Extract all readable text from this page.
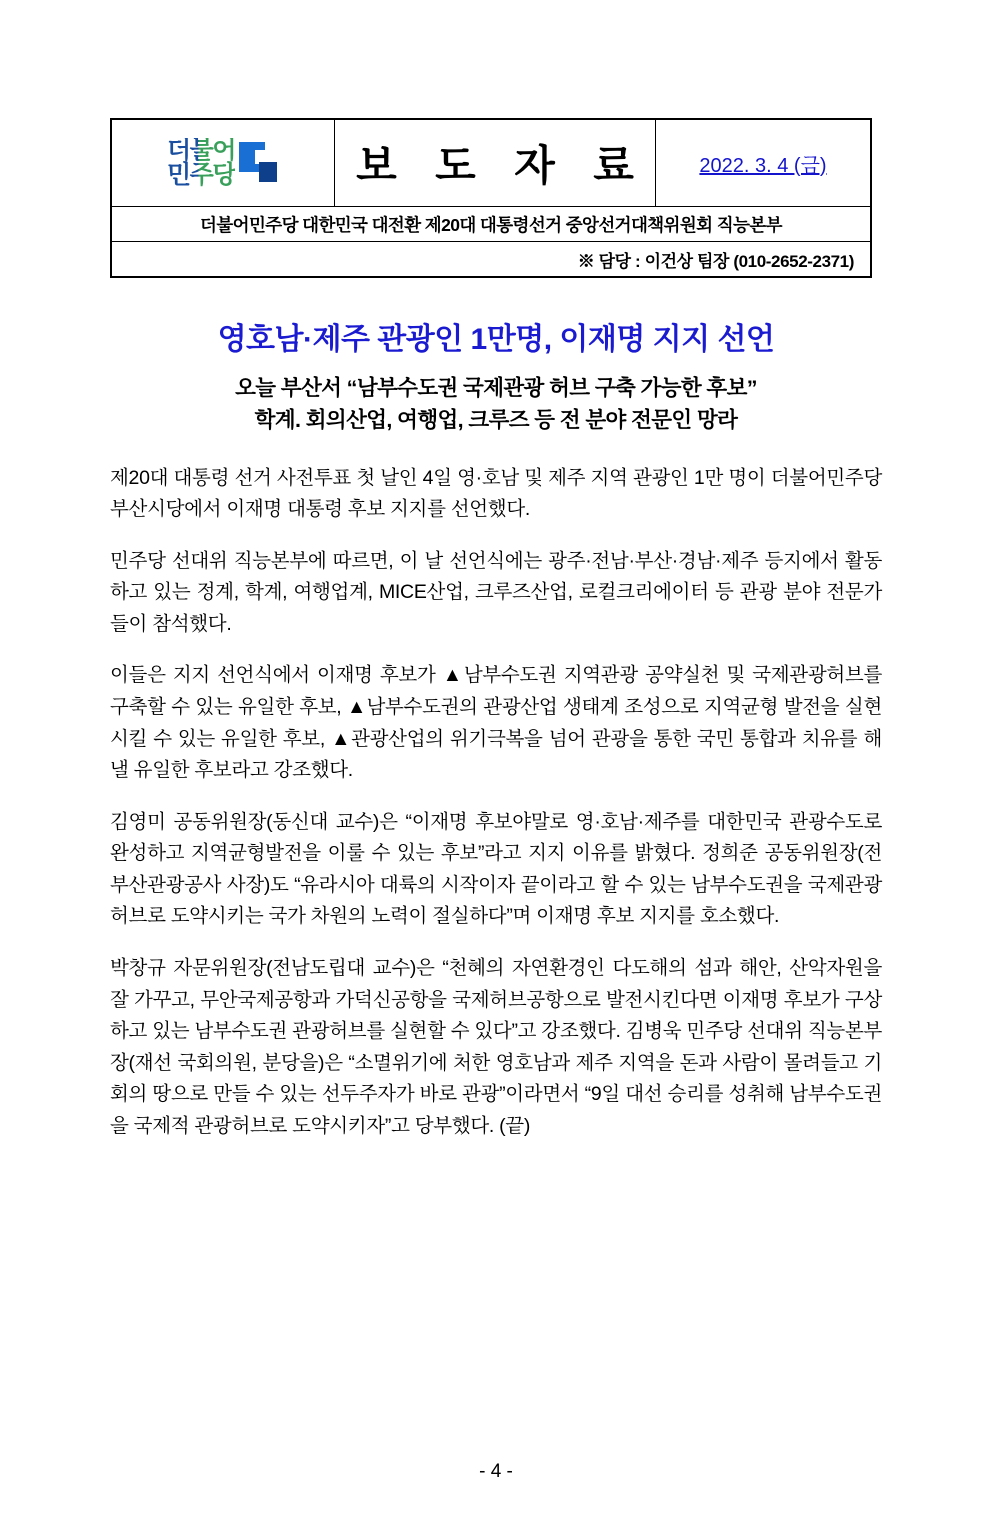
더불어
민주당	보 도 자 료	2022. 3. 4 (금)

더불어민주당 대한민국 대전환 제20대 대통령선거 중앙선거대책위원회 직능본부
※ 담당 : 이건상 팀장 (010-2652-2371)
영호남·제주 관광인 1만명, 이재명 지지 선언
오늘 부산서 “남부수도권 국제관광 허브 구축 가능한 후보”
학계. 회의산업, 여행업, 크루즈 등 전 분야 전문인 망라

제20대 대통령 선거 사전투표 첫 날인 4일 영·호남 및 제주 지역 관광인 1만 명이 더불어민주당 부산시당에서 이재명 대통령 후보 지지를 선언했다.

민주당 선대위 직능본부에 따르면, 이 날 선언식에는 광주·전남·부산·경남·제주 등지에서 활동하고 있는 정계, 학계, 여행업계, MICE산업, 크루즈산업, 로컬크리에이터 등 관광 분야 전문가들이 참석했다.

이들은 지지 선언식에서 이재명 후보가 ▲남부수도권 지역관광 공약실천 및 국제관광허브를 구축할 수 있는 유일한 후보, ▲남부수도권의 관광산업 생태계 조성으로 지역균형 발전을 실현시킬 수 있는 유일한 후보, ▲관광산업의 위기극복을 넘어 관광을 통한 국민 통합과 치유를 해낼 유일한 후보라고 강조했다.

김영미 공동위원장(동신대 교수)은 “이재명 후보야말로 영·호남·제주를 대한민국 관광수도로 완성하고 지역균형발전을 이룰 수 있는 후보”라고 지지 이유를 밝혔다. 정희준 공동위원장(전 부산관광공사 사장)도 “유라시아 대륙의 시작이자 끝이라고 할 수 있는 남부수도권을 국제관광허브로 도약시키는 국가 차원의 노력이 절실하다”며 이재명 후보 지지를 호소했다.

박창규 자문위원장(전남도립대 교수)은 “천혜의 자연환경인 다도해의 섬과 해안, 산악자원을 잘 가꾸고, 무안국제공항과 가덕신공항을 국제허브공항으로 발전시킨다면 이재명 후보가 구상하고 있는 남부수도권 관광허브를 실현할 수 있다”고 강조했다. 김병욱 민주당 선대위 직능본부장(재선 국회의원, 분당을)은 “소멸위기에 처한 영호남과 제주 지역을 돈과 사람이 몰려들고 기회의 땅으로 만들 수 있는 선두주자가 바로 관광”이라면서 “9일 대선 승리를 성취해 남부수도권을 국제적 관광허브로 도약시키자”고 당부했다. (끝)

- 4 -
